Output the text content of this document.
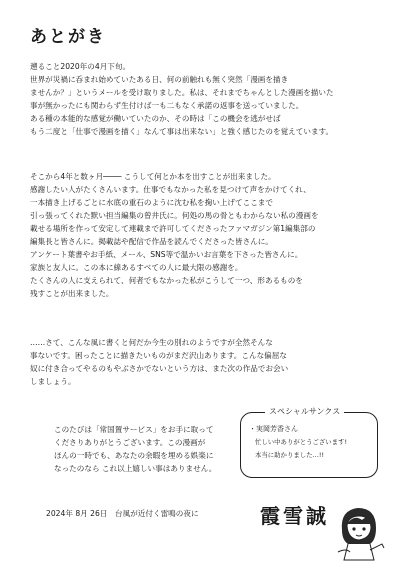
あとがき
遡ること2020年の4月下旬。
世界が災禍に呑まれ始めていたある日、何の前触れも無く突然「漫画を描き
ませんか？」というメールを受け取りました。私は、それまでちゃんとした漫画を描いた
事が無かったにも関わらず生付けば一も二もなく承諾の返事を送っていました。
ある種の本能的な感覚が働いていたのか、その時は「この機会を逃がせば
もう二度と「仕事で漫画を描く」なんて事は出来ない」と強く感じたのを覚えています。
そこから4年と数ヶ月──── こうして何とか本を出すことが出来ました。
感謝したい人がたくさんいます。仕事でもなかった私を見つけて声をかけてくれ、
一本描き上げるごとに水底の重石のように沈む私を掬い上げてここまで
引っ張ってくれた默い担当編集の曾井氏に。何処の馬の骨ともわからない私の漫画を
載せる場所を作って安定して連載まで許可してくださったファマガジン第1編集部の
編集長と皆さんに。掲載誌や配信で作品を読んでくださった皆さんに。
アンケート葉書やお手紙、メール、SNS等で温かいお言葉を下さった皆さんに。
家族と友人に。この本に線あるすべての人に最大限の感謝を。
たくさんの人に支えられて、何者でもなかった私がこうして一つ、形あるものを
残すことが出来ました。
……さて、こんな風に書くと何だか今生の別れのようですが全然そんな
事ないです。困ったことに描きたいものがまだ沢山あります。こんな偏屈な
奴に付き合ってやるのもやぶさかでないという方は、また次の作品でお会い
しましょう。
このたびは「常国置サービス」をお手に取って
くださりありがとうございます。この漫画が
ほんの一時でも、あなたの余暇を埋める娯楽に
なったのなら これ以上嬉しい事はありません。
スペシャルサンクス
・実岡芳香さん
忙しい中ありがとうございます!
本当に助かりました…!!
2024年 8月 26日　台風が近付く雷鳴の夜に	霞雪誠
